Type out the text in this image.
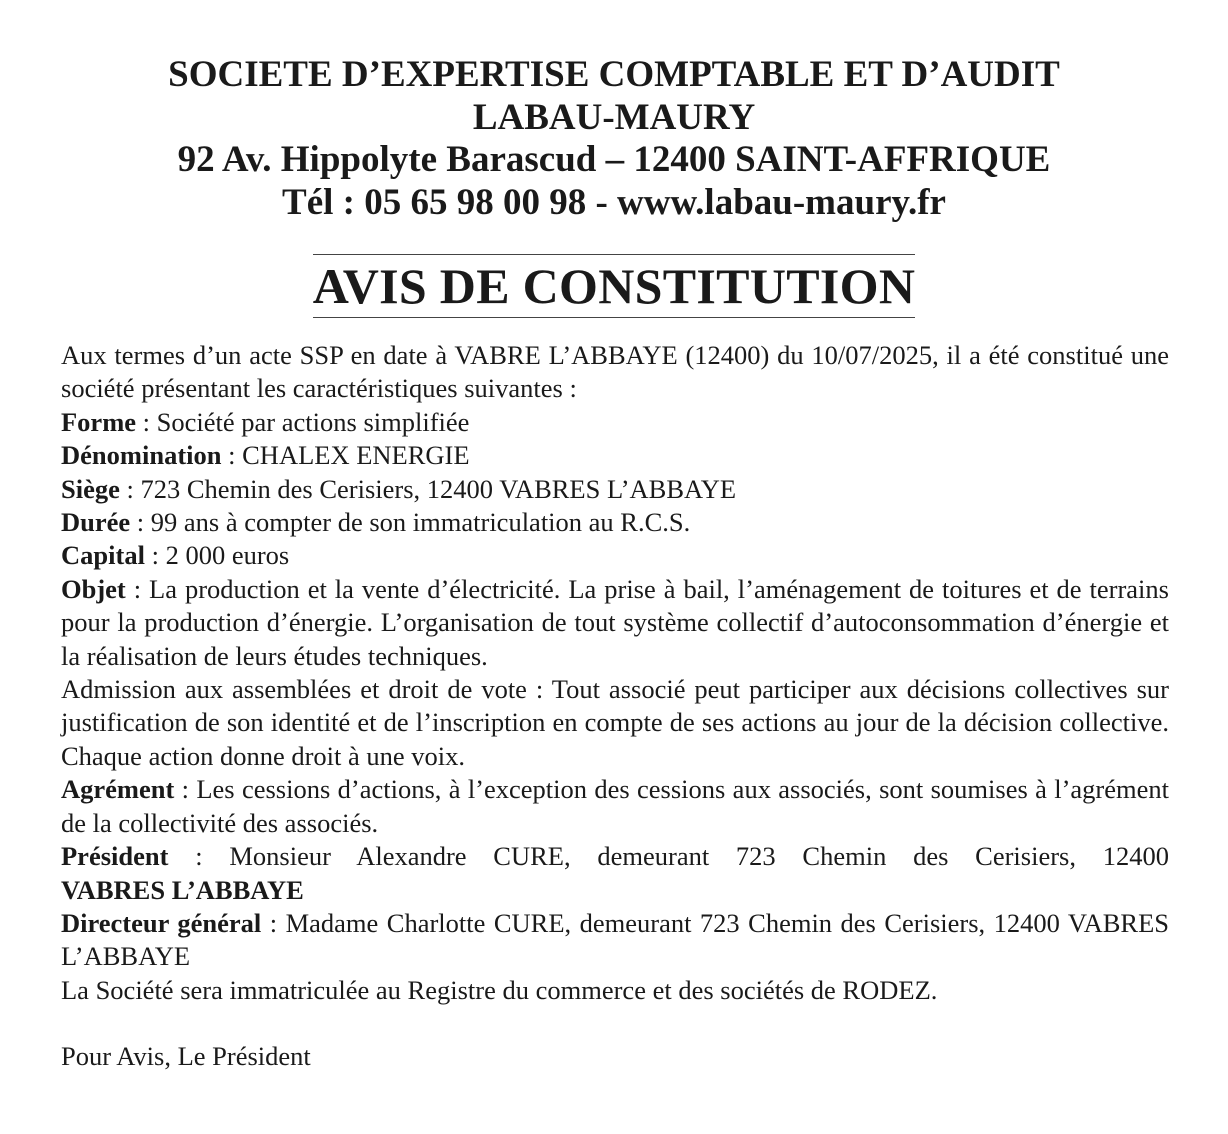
SOCIETE D’EXPERTISE COMPTABLE ET D’AUDIT
LABAU-MAURY
92 Av. Hippolyte Barascud – 12400 SAINT-AFFRIQUE
Tél : 05 65 98 00 98 - www.labau-maury.fr
AVIS DE CONSTITUTION

Aux termes d’un acte SSP en date à VABRE L’ABBAYE (12400) du 10/07/2025, il a été constitué une société présentant les caractéristiques suivantes :

Forme : Société par actions simplifiée

Dénomination : CHALEX ENERGIE

Siège : 723 Chemin des Cerisiers, 12400 VABRES L’ABBAYE

Durée : 99 ans à compter de son immatriculation au R.C.S.

Capital : 2 000 euros

Objet : La production et la vente d’électricité. La prise à bail, l’aménagement de toitures et de terrains pour la production d’énergie. L’organisation de tout système collectif d’autoconsommation d’énergie et la réalisation de leurs études techniques.

Admission aux assemblées et droit de vote : Tout associé peut participer aux décisions collectives sur justification de son identité et de l’inscription en compte de ses actions au jour de la décision collective. Chaque action donne droit à une voix.

Agrément : Les cessions d’actions, à l’exception des cessions aux associés, sont soumises à l’agrément de la collectivité des associés.

Président : Monsieur Alexandre CURE, demeurant 723 Chemin des Cerisiers, 12400 VABRES L’ABBAYE

Directeur général : Madame Charlotte CURE, demeurant 723 Chemin des Cerisiers, 12400 VABRES L’ABBAYE

La Société sera immatriculée au Registre du commerce et des sociétés de RODEZ.

Pour Avis, Le Président
